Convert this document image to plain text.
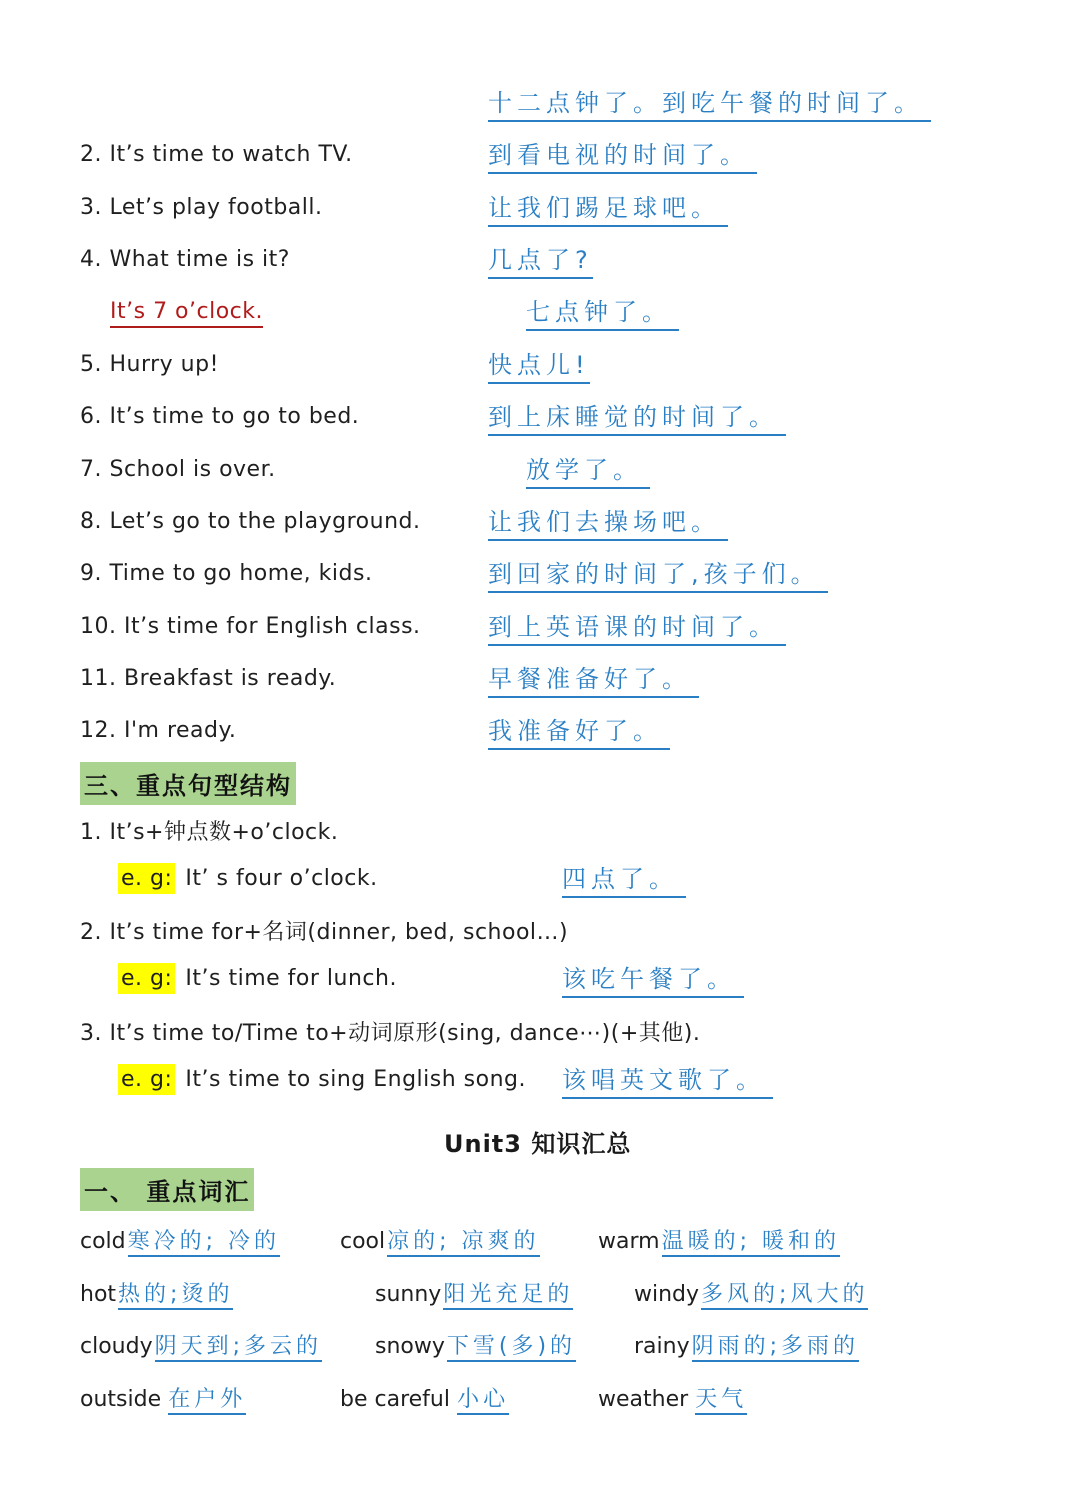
十二点钟了。到吃午餐的时间了。
2. It’s time to watch TV.	到看电视的时间了。
3. Let’s play football.	让我们踢足球吧。
4. What time is it?	几点了?
It’s 7 o’clock.	七点钟了。
5. Hurry up!	快点儿!
6. It’s time to go to bed.	到上床睡觉的时间了。
7. School is over.	放学了。
8. Let’s go to the playground.	让我们去操场吧。
9. Time to go home, kids.	到回家的时间了,孩子们。
10. It’s time for English class.	到上英语课的时间了。
11. Breakfast is ready.	早餐准备好了。
12. I'm ready.	我准备好了。
三、重点句型结构
1. It’s+钟点数+o’clock.
e. g: It’ s four o’clock.	四点了。
2. It’s time for+名词(dinner, bed, school…)
e. g: It’s time for lunch.	该吃午餐了。
3. It’s time to/Time to+动词原形(sing, dance⋯)(+其他).
e. g: It’s time to sing English song. 该唱英文歌了。
Unit3 知识汇总
一、 重点词汇
cold寒冷的; 冷的	cool凉的; 凉爽的	warm温暖的; 暖和的
hot热的;烫的	sunny阳光充足的	windy多风的;风大的
cloudy阴天到;多云的 snowy下雪(多)的	rainy阴雨的;多雨的
outside 在户外	be careful 小心	weather 天气
